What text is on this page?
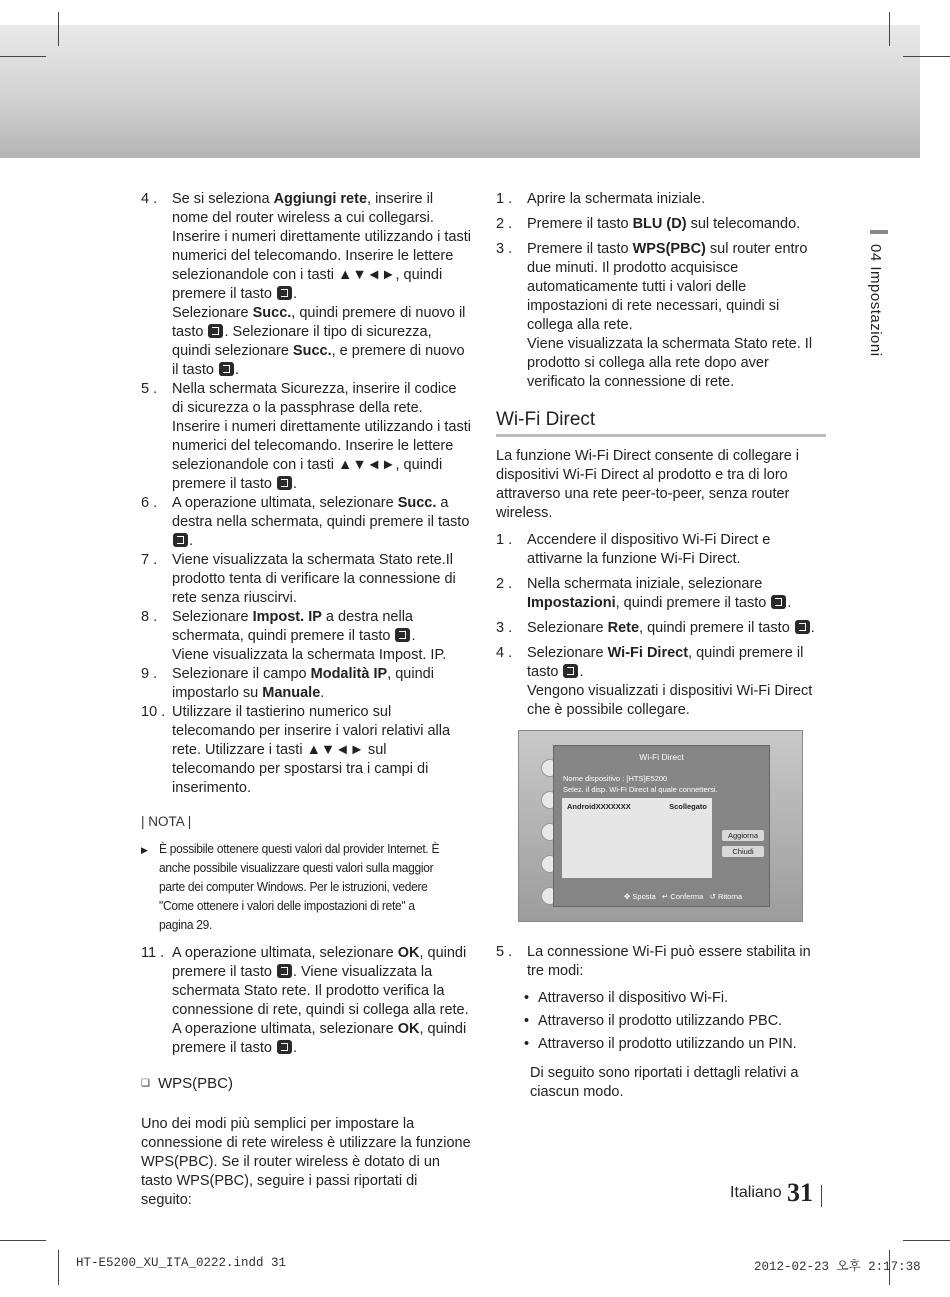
4 .	Se si seleziona Aggiungi rete, inserire il nome del router wireless a cui collegarsi. Inserire i numeri direttamente utilizzando i tasti numerici del telecomando. Inserire le lettere selezionandole con i tasti ▲▼◄►, quindi premere il tasto .

Selezionare Succ., quindi premere di nuovo il tasto . Selezionare il tipo di sicurezza, quindi selezionare Succ., e premere di nuovo il tasto .

5 .	Nella schermata Sicurezza, inserire il codice di sicurezza o la passphrase della rete. Inserire i numeri direttamente utilizzando i tasti numerici del telecomando. Inserire le lettere selezionandole con i tasti ▲▼◄►, quindi premere il tasto .

6 .	A operazione ultimata, selezionare Succ. a destra nella schermata, quindi premere il tasto .

7 .	Viene visualizzata la schermata Stato rete.Il prodotto tenta di verificare la connessione di rete senza riuscirvi.

8 .	Selezionare Impost. IP a destra nella schermata, quindi premere il tasto .

Viene visualizzata la schermata Impost. IP.

9 .	Selezionare il campo Modalità IP, quindi impostarlo su Manuale.

10 . Utilizzare il tastierino numerico sul telecomando per inserire i valori relativi alla rete. Utilizzare i tasti ▲▼◄► sul telecomando per spostarsi tra i campi di inserimento.

| NOTA |
▶ È possibile ottenere questi valori dal provider Internet. È anche possibile visualizzare questi valori sulla maggior parte dei computer Windows. Per le istruzioni, vedere "Come ottenere i valori delle impostazioni di rete" a pagina 29.
11 . A operazione ultimata, selezionare OK, quindi premere il tasto . Viene visualizzata la schermata Stato rete. Il prodotto verifica la connessione di rete, quindi si collega alla rete. A operazione ultimata, selezionare OK, quindi premere il tasto .

❏ WPS(PBC)

Uno dei modi più semplici per impostare la connessione di rete wireless è utilizzare la funzione WPS(PBC). Se il router wireless è dotato di un tasto WPS(PBC), seguire i passi riportati di seguito:

1 .	Aprire la schermata iniziale.

2 .	Premere il tasto BLU (D) sul telecomando.

3 .	Premere il tasto WPS(PBC) sul router entro due minuti. Il prodotto acquisisce automaticamente tutti i valori delle impostazioni di rete necessari, quindi si collega alla rete.

Viene visualizzata la schermata Stato rete. Il prodotto si collega alla rete dopo aver verificato la connessione di rete.

Wi-Fi Direct

La funzione Wi-Fi Direct consente di collegare i dispositivi Wi-Fi Direct al prodotto e tra di loro attraverso una rete peer-to-peer, senza router wireless.

1 .	Accendere il dispositivo Wi-Fi Direct e attivarne la funzione Wi-Fi Direct.

2 .	Nella schermata iniziale, selezionare Impostazioni, quindi premere il tasto .

3 .	Selezionare Rete, quindi premere il tasto .

4 .	Selezionare Wi-Fi Direct, quindi premere il tasto .

Vengono visualizzati i dispositivi Wi-Fi Direct che è possibile collegare.

Wi-Fi Direct
Nome dispositivo : [HTS]E5200
Selez. il disp. Wi-Fi Direct al quale connettersi.
AndroidXXXXXXX	Scollegato
Aggiorna
Chiudi
✥ Sposta ↵ Conferma ↺ Ritorna
5 .	La connessione Wi-Fi può essere stabilita in tre modi:

• Attraverso il dispositivo Wi-Fi.
• Attraverso il prodotto utilizzando PBC.
• Attraverso il prodotto utilizzando un PIN.

Di seguito sono riportati i dettagli relativi a ciascun modo.

04 Impostazioni
Italiano 31
HT-E5200_XU_ITA_0222.indd 31	2012-02-23 오후 2:17:38
